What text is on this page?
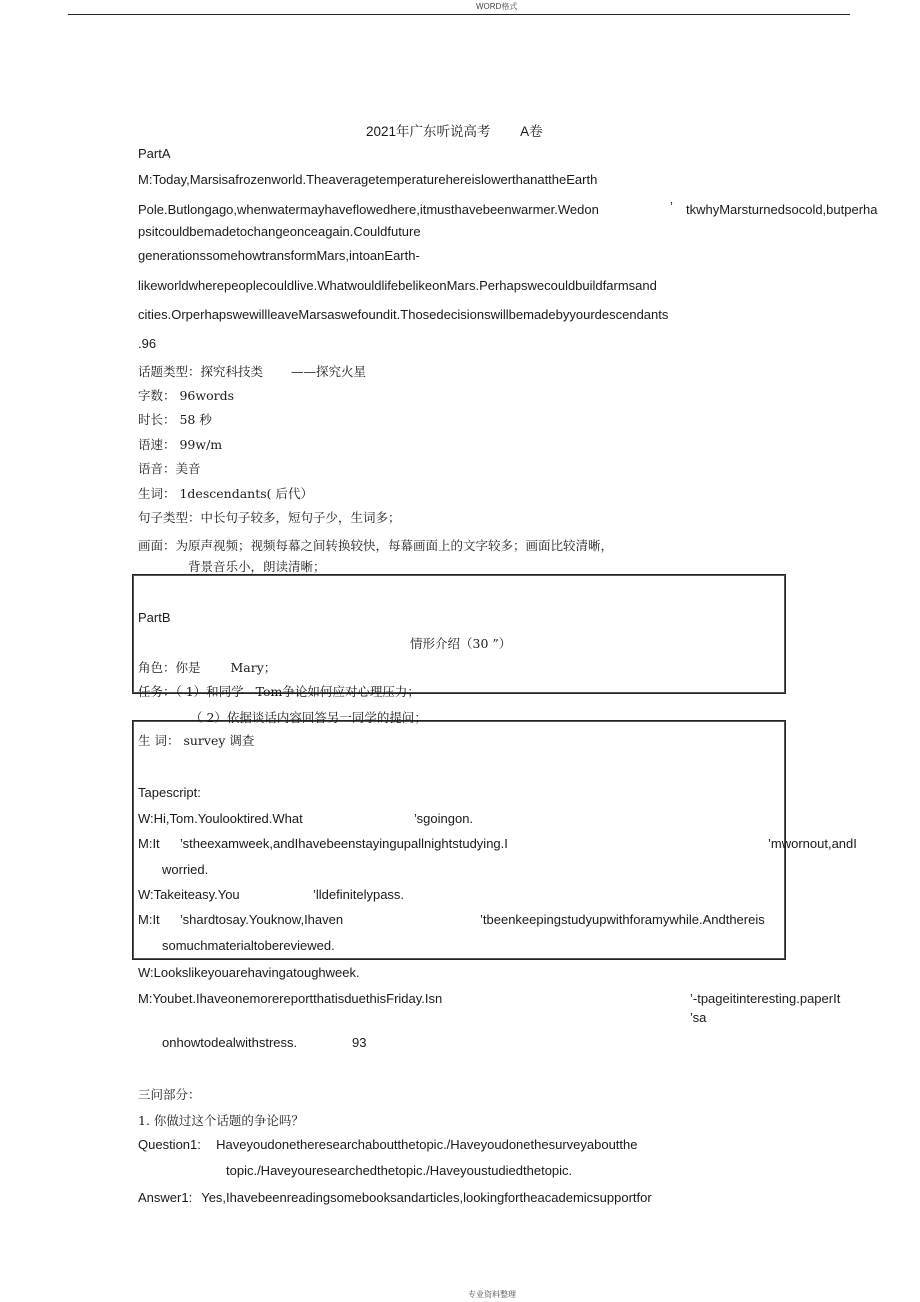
WORD格式
专业资料整理
2021年广东听说高考 A卷
PartA
M:Today,Marsisafrozenworld.TheaveragetemperatureherеislowerthanattheEarth
Pole.Butlongago,whenwatermayhaveflowedhere,itmusthavebeenwarmer.Wedon	’ tkwhyMarsturnedsocold,butperha
psitcouldbemadetochangeonceagain.Couldfuture
generationssomehowtransformMars,intoanEarth-
likeworldwherepeoplecouldlive.WhatwouldlifebelikeonMars.Perhapswecouldbuildfarmsand
cities.OrperhapswewillleaveMarsaswefoundit.Thosedecisionswillbemadebyyourdescendants
.96
话题类型：探究科技类 ——探究火星
字数： 96words
时长： 58 秒
语速： 99w/m
语音：美音
生词： 1descendants( 后代）
句子类型：中长句子较多，短句子少，生词多；
画面：为原声视频；视频每幕之间转换较快，每幕画面上的文字较多；画面比较清晰，
背景音乐小，朗读清晰；
PartB
情形介绍（30 ”）
角色：你是 Mary；
任务：（ 1）和同学 Tom争论如何应对心理压力；
（ 2）依据谈话内容回答另一同学的提问；
生 词： survey 调查
Tapescript:
W:Hi,Tom.Youlooktired.What	’sgoingon.
M:It ’stheexamweek,andIhavebeenstayingupallnightstudying.I	’mwornout,andI
worried.
W:Takeiteasy.You	’lldefinitelypass.
M:It ’shardtosay.Youknow,Ihaven	’tbeenkeepingstudyupwithforamywhile.Andthereis
somuchmaterialtobereviewed.
W:Lookslikeyouarehavingatoughweek.
M:Youbet.IhaveonemorereportthatisduethisFriday.Isn	’-tpageitinteresting.paperIt
’sa
onhowtodealwithstress.	93
三问部分：
1. 你做过这个话题的争论吗？
Question1: Haveyoudonetheresearchaboutthetopic./Haveyoudonethesurveyaboutthe
topic./Haveyouresearchedthetopic./Haveyoustudiedthetopic.
Answer1: Yes,Ihavebeenreadingsomebooksandarticles,lookingfortheacademicsupportfor
